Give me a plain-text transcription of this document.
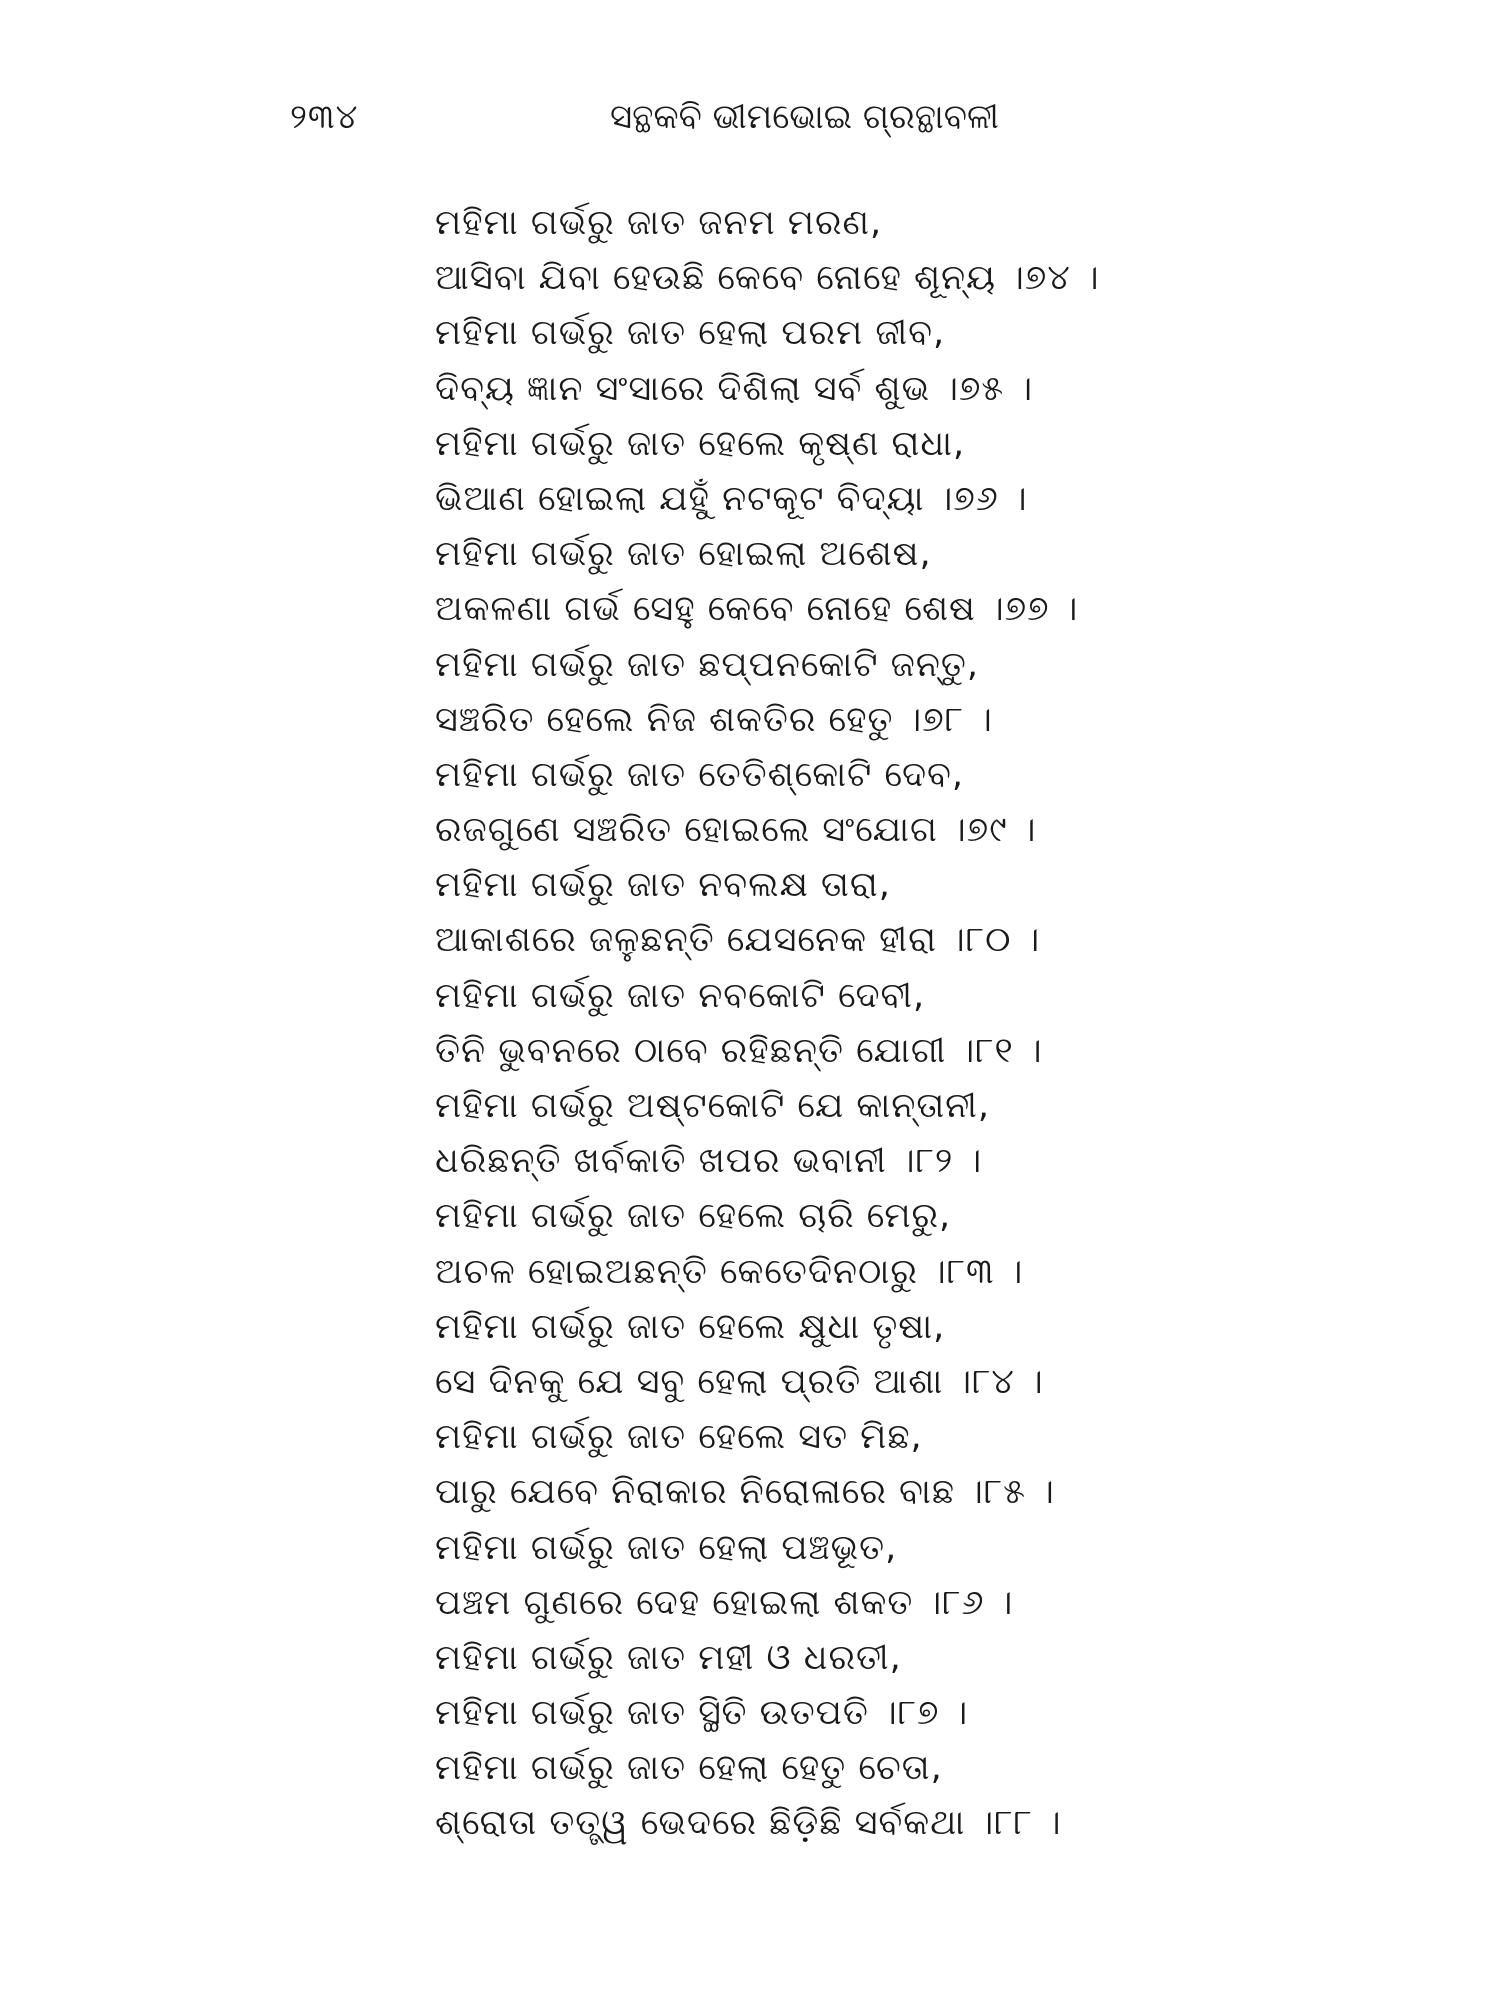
୨୩୪	ସନ୍ଥକବି ଭୀମଭୋଇ ଗ୍ରନ୍ଥାବଳୀ
ମହିମା ଗର୍ଭରୁ ଜାତ ଜନମ ମରଣ,
ଆସିବା ଯିବା ହେଉଛି କେବେ ନୋହେ ଶୂନ୍ୟ ।୭୪ ।
ମହିମା ଗର୍ଭରୁ ଜାତ ହେଲା ପରମ ଜୀବ,
ଦିବ୍ୟ ଜ୍ଞାନ ସଂସାରେ ଦିଶିଲା ସର୍ବ ଶୁଭ ।୭୫ ।
ମହିମା ଗର୍ଭରୁ ଜାତ ହେଲେ କୃଷ୍ଣ ରାଧା,
ଭିଆଣ ହୋଇଲା ଯହୁଁ ନଟକୂଟ ବିଦ୍ୟା ।୭୬ ।
ମହିମା ଗର୍ଭରୁ ଜାତ ହୋଇଲା ଅଶେଷ,
ଅକଳଣା ଗର୍ଭ ସେହୁ କେବେ ନୋହେ ଶେଷ ।୭୭ ।
ମହିମା ଗର୍ଭରୁ ଜାତ ଛପ୍ପନକୋଟି ଜନ୍ତୁ,
ସଞ୍ଚରିତ ହେଲେ ନିଜ ଶକତିର ହେତୁ ।୭୮ ।
ମହିମା ଗର୍ଭରୁ ଜାତ ତେତିଶ୍କୋଟି ଦେବ,
ରଜଗୁଣେ ସଞ୍ଚରିତ ହୋଇଲେ ସଂଯୋଗ ।୭୯ ।
ମହିମା ଗର୍ଭରୁ ଜାତ ନବଲକ୍ଷ ତାରା,
ଆକାଶରେ ଜଳୁଛନ୍ତି ଯେସନେକ ହୀରା ।୮୦ ।
ମହିମା ଗର୍ଭରୁ ଜାତ ନବକୋଟି ଦେବୀ,
ତିନି ଭୁବନରେ ଠାବେ ରହିଛନ୍ତି ଯୋଗୀ ।୮୧ ।
ମହିମା ଗର୍ଭରୁ ଅଷ୍ଟକୋଟି ଯେ କାନ୍ତାନୀ,
ଧରିଛନ୍ତି ଖର୍ବକାତି ଖପର ଭବାନୀ ।୮୨ ।
ମହିମା ଗର୍ଭରୁ ଜାତ ହେଲେ ଚାରି ମେରୁ,
ଅଚଳ ହୋଇଅଛନ୍ତି କେତେଦିନଠାରୁ ।୮୩ ।
ମହିମା ଗର୍ଭରୁ ଜାତ ହେଲେ କ୍ଷୁଧା ତୃଷା,
ସେ ଦିନକୁ ଯେ ସବୁ ହେଲା ପ୍ରତି ଆଶା ।୮୪ ।
ମହିମା ଗର୍ଭରୁ ଜାତ ହେଲେ ସତ ମିଛ,
ପାରୁ ଯେବେ ନିରାକାର ନିରୋଳାରେ ବାଛ ।୮୫ ।
ମହିମା ଗର୍ଭରୁ ଜାତ ହେଲା ପଞ୍ଚଭୂତ,
ପଞ୍ଚମ ଗୁଣରେ ଦେହ ହୋଇଲା ଶକତ ।୮୬ ।
ମହିମା ଗର୍ଭରୁ ଜାତ ମହୀ ଓ ଧରତୀ,
ମହିମା ଗର୍ଭରୁ ଜାତ ସ୍ଥିତି ଉତପତି ।୮୭ ।
ମହିମା ଗର୍ଭରୁ ଜାତ ହେଲା ହେତୁ ଚେତା,
ଶ୍ରୋତା ତତ୍ତ୍ୱ ଭେଦରେ ଛିଡ଼ିଛି ସର୍ବକଥା ।୮୮ ।
